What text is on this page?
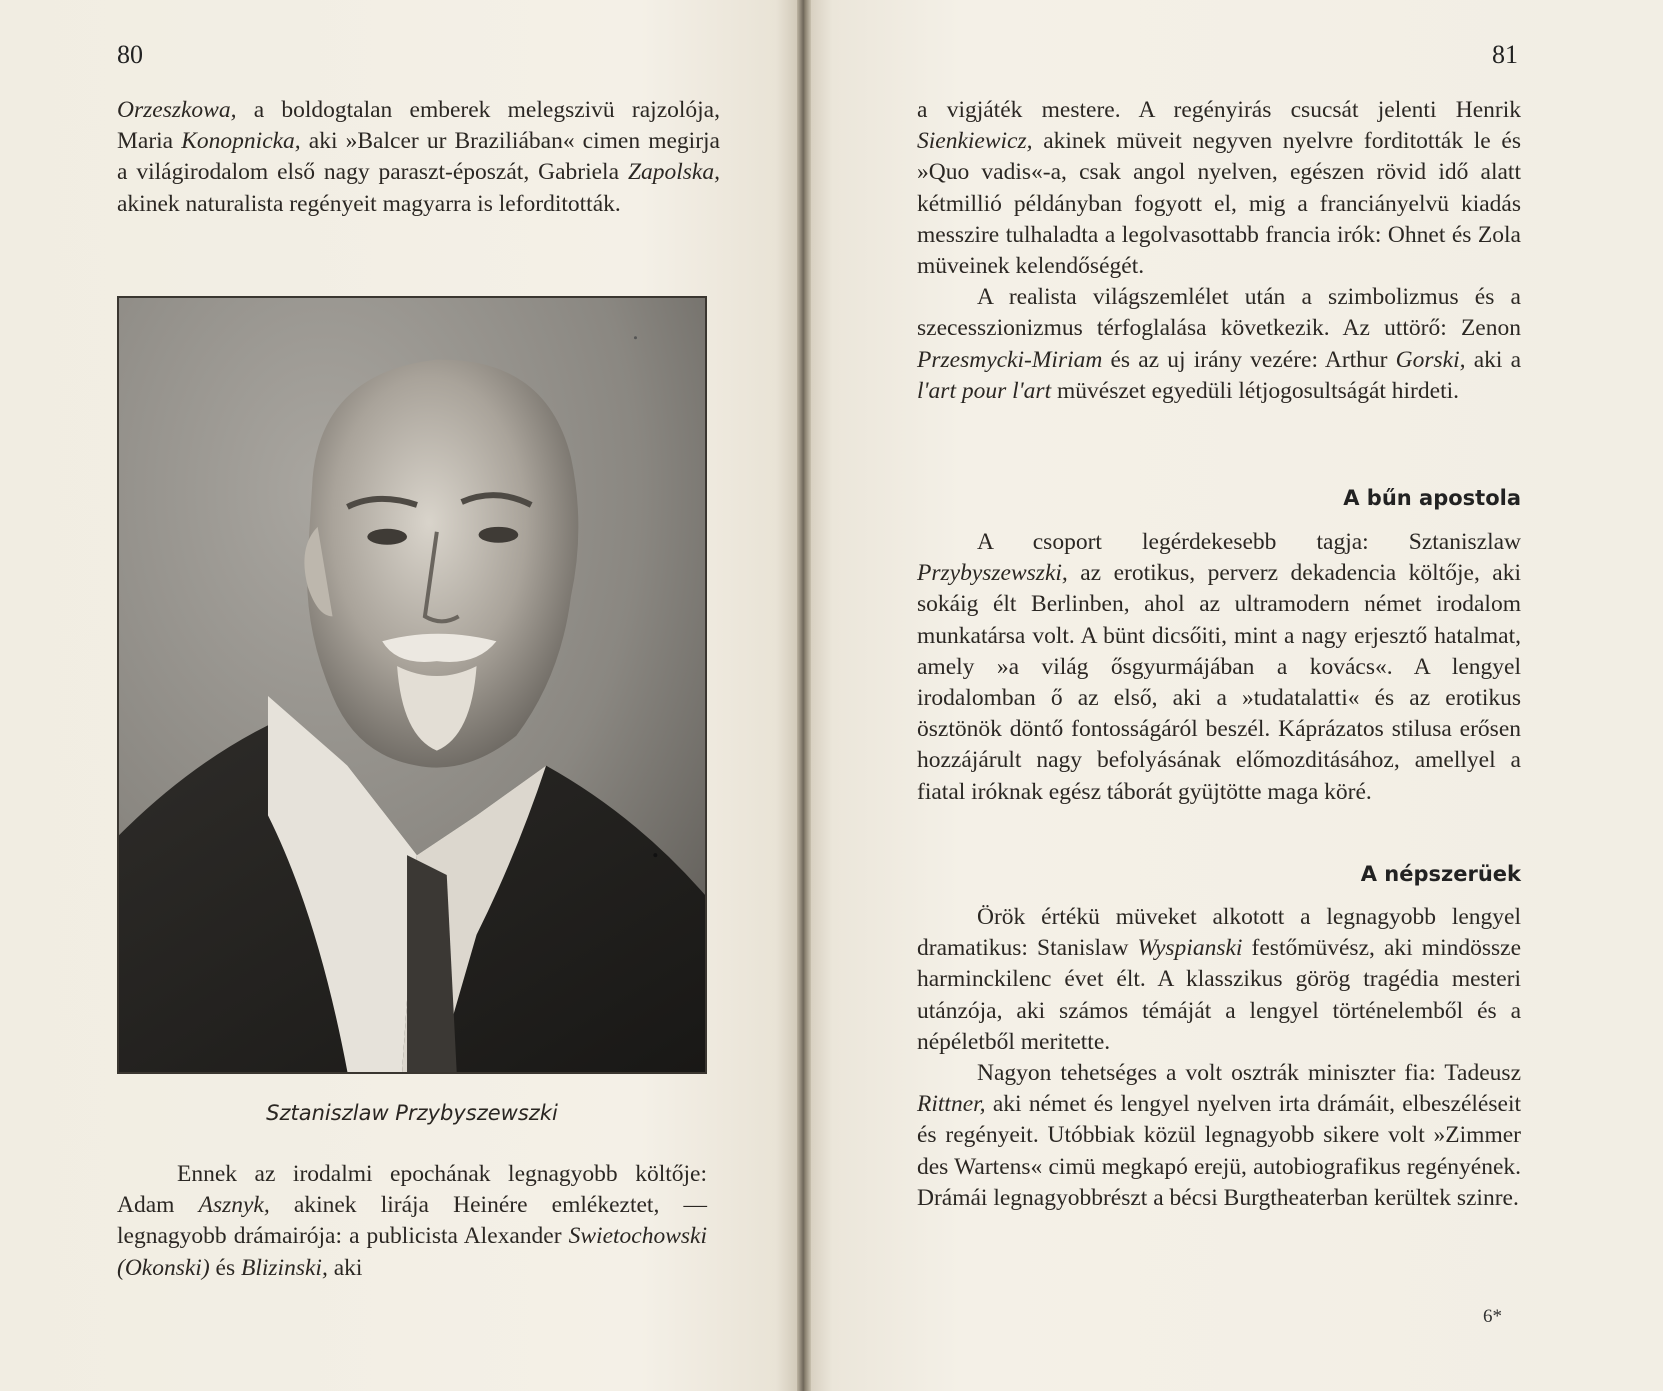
80	81

Orzeszkowa, a boldogtalan emberek melegszivü rajzolója, Maria Konopnicka, aki »Balcer ur Braziliában« cimen megirja a világirodalom első nagy paraszt-époszát, Gabriela Zapolska, akinek naturalista regényeit magyarra is leforditották.

Sztaniszlaw Przybyszewszki

Ennek az irodalmi epochának legnagyobb költője: Adam Asznyk, akinek lirája Heinére emlékeztet, — legnagyobb drámairója: a publicista Alexander Swietochowski (Okonski) és Blizinski, aki

a vigjáték mestere. A regényirás csucsát jelenti Henrik Sienkiewicz, akinek müveit negyven nyelvre forditották le és »Quo vadis«-a, csak angol nyelven, egészen rövid idő alatt kétmillió példányban fogyott el, mig a franciányelvü kiadás messzire tulhaladta a legolvasottabb francia irók: Ohnet és Zola müveinek kelendőségét.

A realista világszemlélet után a szimbolizmus és a szecesszionizmus térfoglalása következik. Az uttörő: Zenon Przesmycki-Miriam és az uj irány vezére: Arthur Gorski, aki a l'art pour l'art müvészet egyedüli létjogosultságát hirdeti.

A bűn apostola

A csoport legérdekesebb tagja: Sztaniszlaw Przybyszewszki, az erotikus, perverz dekadencia költője, aki sokáig élt Berlinben, ahol az ultramodern német irodalom munkatársa volt. A bünt dicsőiti, mint a nagy erjesztő hatalmat, amely »a világ ősgyurmájában a kovács«. A lengyel irodalomban ő az első, aki a »tudatalatti« és az erotikus ösztönök döntő fontosságáról beszél. Káprázatos stilusa erősen hozzájárult nagy befolyásának előmozditásához, amellyel a fiatal iróknak egész táborát gyüjtötte maga köré.

A népszerüek

Örök értékü müveket alkotott a legnagyobb lengyel dramatikus: Stanislaw Wyspianski festőmüvész, aki mindössze harminckilenc évet élt. A klasszikus görög tragédia mesteri utánzója, aki számos témáját a lengyel történelemből és a népéletből meritette.

Nagyon tehetséges a volt osztrák miniszter fia: Tadeusz Rittner, aki német és lengyel nyelven irta drámáit, elbeszéléseit és regényeit. Utóbbiak közül legnagyobb sikere volt »Zimmer des Wartens« cimü megkapó erejü, autobiografikus regényének. Drámái legnagyobbrészt a bécsi Burgtheaterban kerültek szinre.

6*
